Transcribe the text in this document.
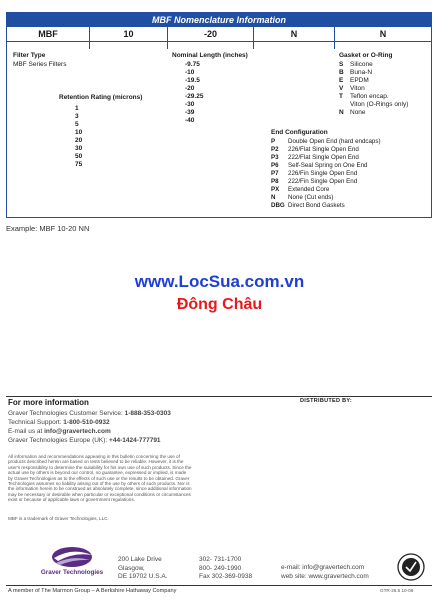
MBF Nomenclature Information
MBF	10	-20	N	N
Filter Type
MBF Series Filters
Retention Rating (microns)
1
3
5
10
20
30
50
75
Nominal Length (inches)
-9.75
-10
-19.5
-20
-29.25
-30
-39
-40
Gasket or O-Ring
S Silicone
B Buna-N
E EPDM
V Viton
T Teflon encap.
Viton (O-Rings only)
N None
End Configuration
P Double Open End (hard endcaps)
P2 226/Flat Single Open End
P3 222/Flat Single Open End
P6 Self-Seal Spring on One End
P7 226/Fin Single Open End
P8 222/Fin Single Open End
PX Extended Core
N None (Cut ends)
DBG Direct Bond Gaskets
Example: MBF 10-20 NN
www.LocSua.com.vn
Đông Châu
For more information	DISTRIBUTED BY:
Graver Technologies Customer Service: 1-888-353-0303
Technical Support: 1-800-510-0932
E-mail us at info@gravertech.com
Graver Technologies Europe (UK): +44-1424-777791
All information and recommendations appearing in this bulletin concerning the use of products described herein are based on tests believed to be reliable. However, it is the user's responsibility to determine the suitability for his own use of such products. Since the actual use by others is beyond our control, no guarantee, expressed or implied, is made by Graver Technologies as to the effects of such use or the results to be obtained. Graver Technologies assumes no liability arising out of the use by others of such products. Nor is the information herein to be construed as absolutely complete, since additional information may be necessary or desirable when particular or exceptional conditions or circumstances exist or because of applicable laws or government regulations.
MBF is a trademark of Graver Technologies, LLC.
Graver Technologies
200 Lake Drive
Glasgow,
DE 19702 U.S.A.
302- 731-1700
800- 249-1990
Fax 302-369-0938
e-mail: info@gravertech.com
web site: www.gravertech.com
A member of The Marmon Group – A Berkshire Hathaway Company	GTR-26.5 10-08
